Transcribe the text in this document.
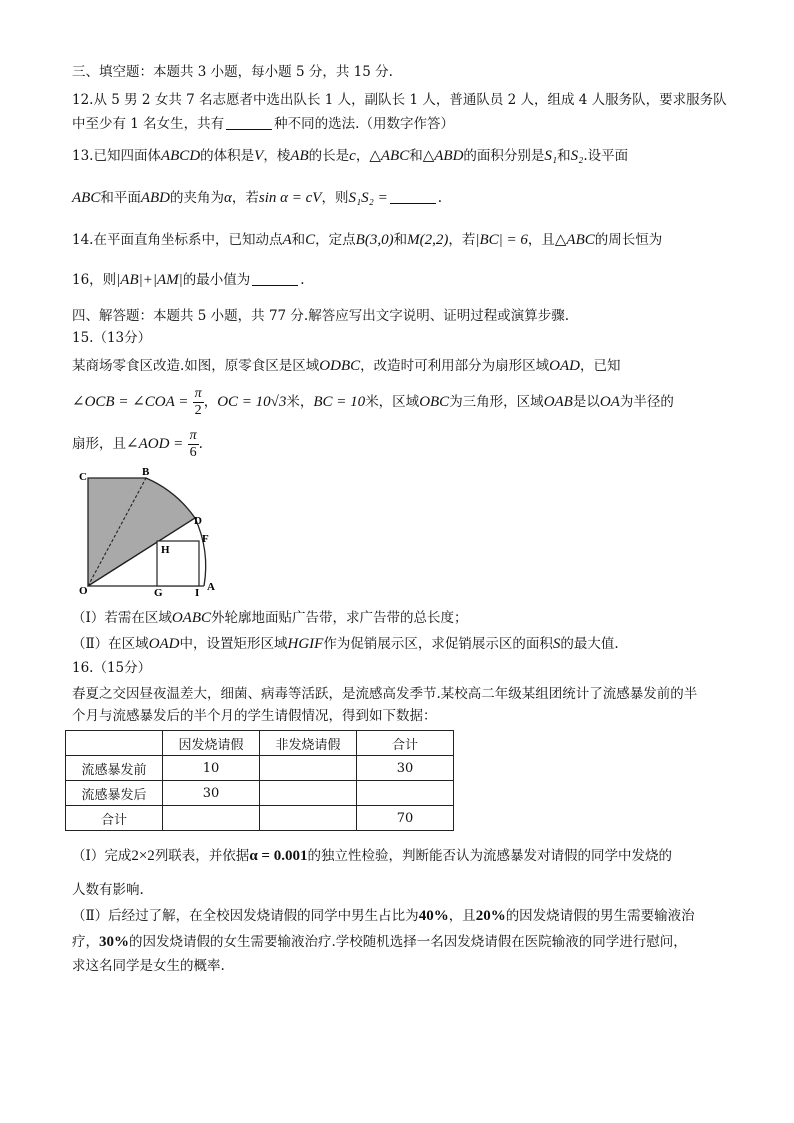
三、填空题：本题共 3 小题，每小题 5 分，共 15 分.
12.从 5 男 2 女共 7 名志愿者中选出队长 1 人，副队长 1 人，普通队员 2 人，组成 4 人服务队，要求服务队
中至少有 1 名女生，共有	种不同的选法.（用数字作答）
13.已知四面体ABCD的体积是V，棱AB的长是c，△ABC和△ABD的面积分别是S₁和S₂.设平面
ABC和平面ABD的夹角为α，若sin α = cV，则S₁S₂ =	.
14.在平面直角坐标系中，已知动点A和C，定点B(3,0)和M(2,2)，若|BC| = 6，且△ABC的周长恒为
16，则|AB|+|AM|的最小值为	.
四、解答题：本题共 5 小题，共 77 分.解答应写出文字说明、证明过程或演算步骤.
15.（13分）
某商场零食区改造.如图，原零食区是区域ODBC，改造时可利用部分为扇形区域OAD，已知
∠OCB = ∠COA = $\frac{\pi}{2}$ ，OC = 10√3米，BC = 10米，区域OBC为三角形，区域OAB是以OA为半径的
扇形，且∠AOD = $\frac{\pi}{6}$ .
C	B
D
F
H
O	G	I A
（Ⅰ）若需在区域OABC外轮廓地面贴广告带，求广告带的总长度；
（Ⅱ）在区域OAD中，设置矩形区域HGIF作为促销展示区，求促销展示区的面积S的最大值.
16.（15分）
春夏之交因昼夜温差大，细菌、病毒等活跃，是流感高发季节.某校高二年级某组团统计了流感暴发前的半
个月与流感暴发后的半个月的学生请假情况，得到如下数据：
	因发烧请假	非发烧请假	合计
流感暴发前	10		30
流感暴发后	30		
合计			70
（Ⅰ）完成2×2列联表，并依据α = 0.001的独立性检验，判断能否认为流感暴发对请假的同学中发烧的
人数有影响.
（Ⅱ）后经过了解，在全校因发烧请假的同学中男生占比为40%，且20%的因发烧请假的男生需要输液治
疗，30%的因发烧请假的女生需要输液治疗.学校随机选择一名因发烧请假在医院输液的同学进行慰问，
求这名同学是女生的概率.
